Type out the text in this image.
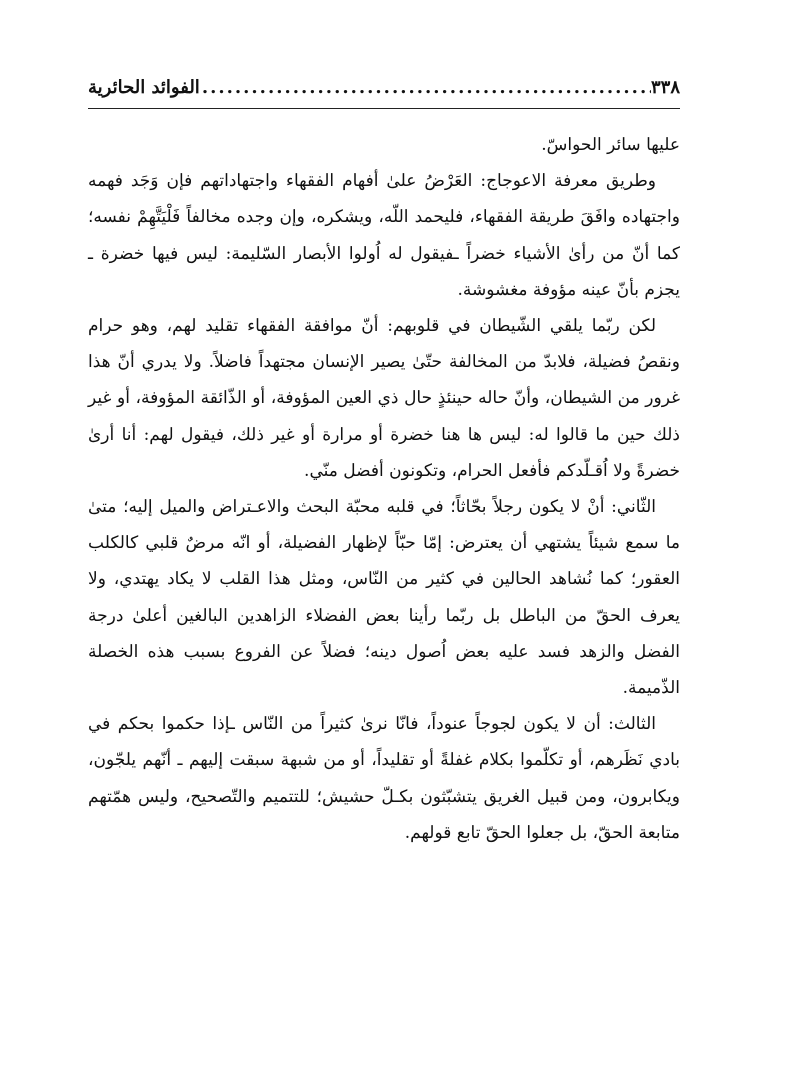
٣٣٨
.....
الفوائد الحائرية

عليها سائر الحواسّ.

وطريق معرفة الاعوجاج: العَرْضُ علىٰ أفهام الفقهاء واجتهاداتهم فإن وَجَد فهمه واجتهاده وافَقَ طريقة الفقهاء، فليحمد اللّه، ويشكره، وإن وجده مخالفاً فَلْيَتَّهِمْ نفسه؛ كما أنّ من رأىٰ الأشياء خضراً ـفيقول له اُولوا الأبصار السّليمة: ليس فيها خضرة ـ يجزم بأنّ عينه مؤوفة مغشوشة.

لكن ربّما يلقي الشّيطان في قلوبهم: أنّ موافقة الفقهاء تقليد لهم، وهو حرام ونقصُ فضيلة، فلابدّ من المخالفة حتّىٰ يصير الإنسان مجتهداً فاضلاً. ولا يدري أنّ هذا غرور من الشيطان، وأنّ حاله حينئذٍ حال ذي العين المؤوفة، أو الذّائقة المؤوفة، أو غير ذلك حين ما قالوا له: ليس ها هنا خضرة أو مرارة أو غير ذلك، فيقول لهم: أنا أرىٰ خضرةً ولا اُقـلّدكم فأفعل الحرام، وتكونون أفضل منّي.

الثّاني: أنْ لا يكون رجلاً بحّاثاً؛ في قلبه محبّة البحث والاعـتراض والميل إليه؛ متىٰ ما سمع شيئاً يشتهي أن يعترض: إمّا حبّاً لإظهار الفضيلة، أو انّه مرضٌ قلبي كالكلب العقور؛ كما نُشاهد الحالين في كثير من النّاس، ومثل هذا القلب لا يكاد يهتدي، ولا يعرف الحقّ من الباطل بل ربّما رأينا بعض الفضلاء الزاهدين البالغين أعلىٰ درجة الفضل والزهد فسد عليه بعض اُصول دينه؛ فضلاً عن الفروع بسبب هذه الخصلة الذّميمة.

الثالث: أن لا يكون لجوجاً عنوداً، فانّا نرىٰ كثيراً من النّاس ـإذا حكموا بحكم في بادي نَظَرهم، أو تكلّموا بكلام غفلةً أو تقليداً، أو من شبهة سبقت إليهم ـ أنّهم يلجّون، ويكابرون، ومن قبيل الغريق يتشبّثون بكـلّ حشيش؛ للتتميم والتّصحيح، وليس همّتهم متابعة الحقّ، بل جعلوا الحقّ تابع قولهم.
